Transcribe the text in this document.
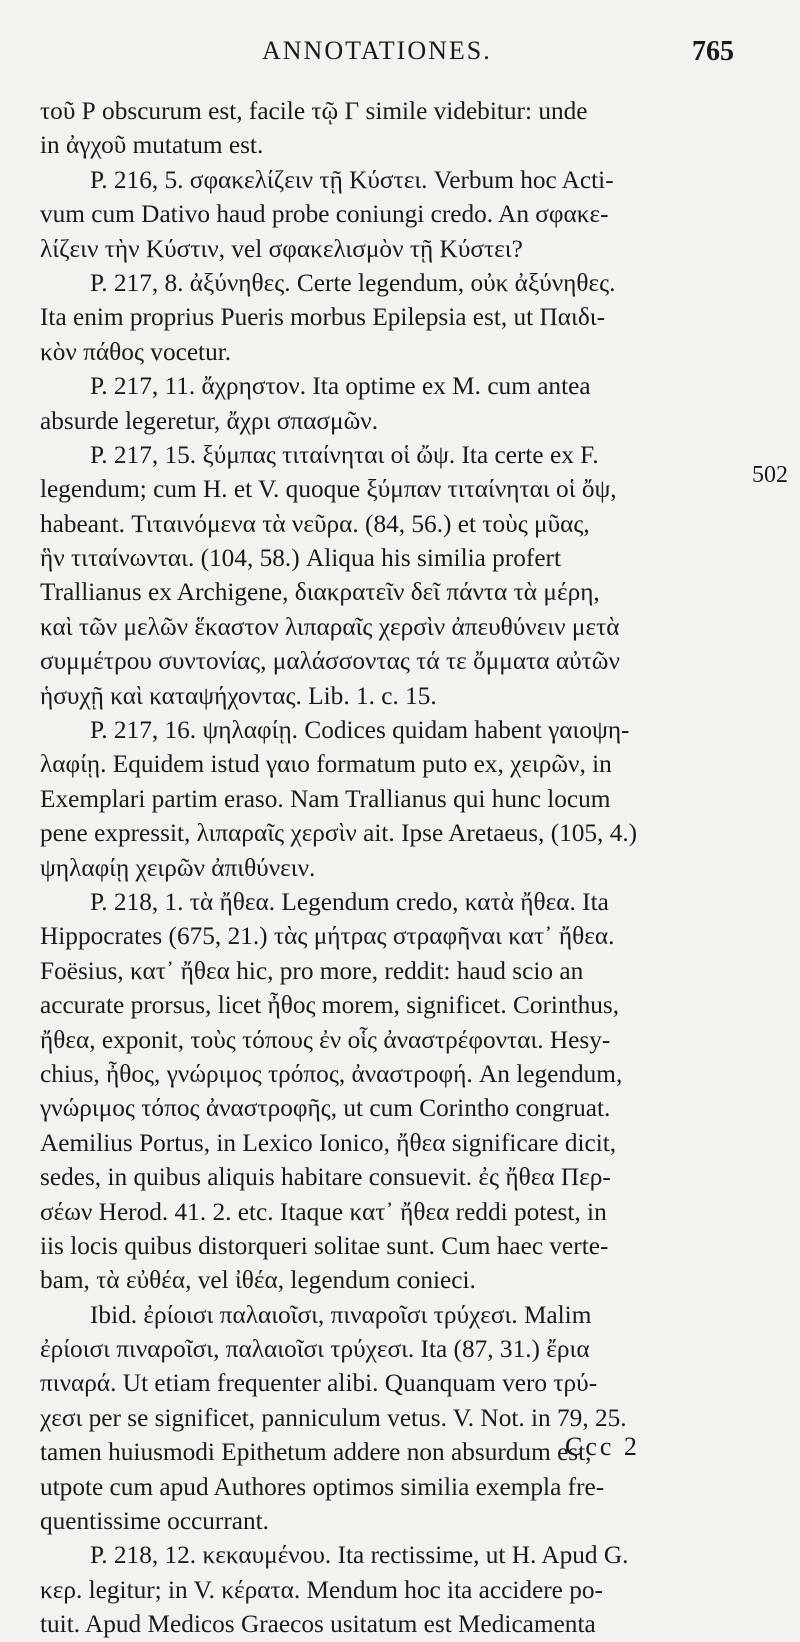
ANNOTATIONES.	765
τοῦ Ρ obscurum est, facile τῷ Γ simile videbitur: unde
in ἀγχοῦ mutatum est.
P. 216, 5. σφακελίζειν τῇ Κύστει. Verbum hoc Acti-
vum cum Dativo haud probe coniungi credo. An σφακε-
λίζειν τὴν Κύστιν, vel σφακελισμὸν τῇ Κύστει?
P. 217, 8. ἀξύνηθες. Certe legendum, οὐκ ἀξύνηθες.
Ita enim proprius Pueris morbus Epilepsia est, ut Παιδι-
κὸν πάθος vocetur.
P. 217, 11. ἄχρηστον. Ita optime ex M. cum antea
absurde legeretur, ἄχρι σπασμῶν.
P. 217, 15. ξύμπας τιταίνηται οἱ ὤψ. Ita certe ex F.
legendum; cum H. et V. quoque ξύμπαν τιταίνηται οἱ ὄψ,
habeant. Τιταινόμενα τὰ νεῦρα. (84, 56.) et τοὺς μῦας,
ἣν τιταίνωνται. (104, 58.) Aliqua his similia profert
Trallianus ex Archigene, διακρατεῖν δεῖ πάντα τὰ μέρη,
καὶ τῶν μελῶν ἕκαστον λιπαραῖς χερσὶν ἀπευθύνειν μετὰ
συμμέτρου συντονίας, μαλάσσοντας τά τε ὄμματα αὐτῶν
ἡσυχῇ καὶ καταψήχοντας. Lib. 1. c. 15.
P. 217, 16. ψηλαφίῃ. Codices quidam habent γαιοψη-
λαφίῃ. Equidem istud γαιο formatum puto ex, χειρῶν, in
Exemplari partim eraso. Nam Trallianus qui hunc locum
pene expressit, λιπαραῖς χερσὶν ait. Ipse Aretaeus, (105, 4.)
ψηλαφίῃ χειρῶν ἀπιθύνειν.
P. 218, 1. τὰ ἤθεα. Legendum credo, κατὰ ἤθεα. Ita
Hippocrates (675, 21.) τὰς μήτρας στραφῆναι κατ᾽ ἤθεα.
Foësius, κατ᾽ ἤθεα hic, pro more, reddit: haud scio an
accurate prorsus, licet ἦθος morem, significet. Corinthus,
ἤθεα, exponit, τοὺς τόπους ἐν οἷς ἀναστρέφονται. Hesy-
chius, ἦθος, γνώριμος τρόπος, ἀναστροφή. An legendum,
γνώριμος τόπος ἀναστροφῆς, ut cum Corintho congruat.
Aemilius Portus, in Lexico Ionico, ἤθεα significare dicit,
sedes, in quibus aliquis habitare consuevit. ἐς ἤθεα Περ-
σέων Herod. 41. 2. etc. Itaque κατ᾽ ἤθεα reddi potest, in
iis locis quibus distorqueri solitae sunt. Cum haec verte-
bam, τὰ εὐθέα, vel ἰθέα, legendum conieci.
Ibid. ἐρίοισι παλαιοῖσι, πιναροῖσι τρύχεσι. Malim
ἐρίοισι πιναροῖσι, παλαιοῖσι τρύχεσι. Ita (87, 31.) ἔρια
πιναρά. Ut etiam frequenter alibi. Quanquam vero τρύ-
χεσι per se significet, panniculum vetus. V. Not. in 79, 25.
tamen huiusmodi Epithetum addere non absurdum est,
utpote cum apud Authores optimos similia exempla fre-
quentissime occurrant.
P. 218, 12. κεκαυμένου. Ita rectissime, ut H. Apud G.
κερ. legitur; in V. κέρατα. Mendum hoc ita accidere po-
tuit. Apud Medicos Graecos usitatum est Medicamenta
502
Ccc 2
